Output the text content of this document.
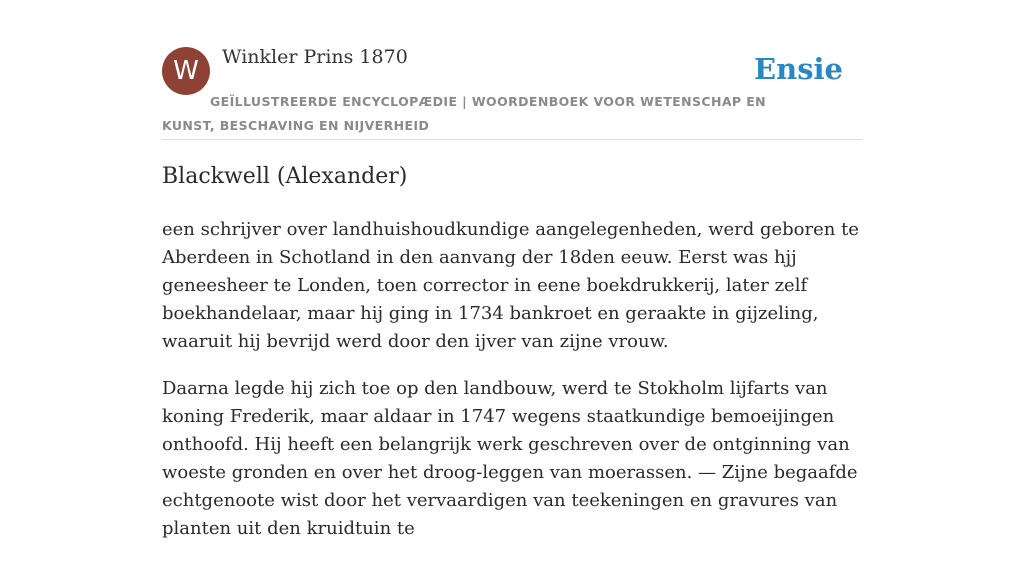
W	Winkler Prins 1870	Ensie
GEÏLLUSTREERDE ENCYCLOPÆDIE | WOORDENBOEK VOOR WETENSCHAP EN KUNST, BESCHAVING EN NIJVERHEID
Blackwell (Alexander)

een schrijver over landhuishoudkundige aangelegenheden, werd geboren te Aberdeen in Schotland in den aanvang der 18den eeuw. Eerst was hjj geneesheer te Londen, toen corrector in eene boekdrukkerij, later zelf boekhandelaar, maar hij ging in 1734 bankroet en geraakte in gijzeling, waaruit hij bevrijd werd door den ijver van zijne vrouw.

Daarna legde hij zich toe op den landbouw, werd te Stokholm lijfarts van koning Frederik, maar aldaar in 1747 wegens staatkundige bemoeijingen onthoofd. Hij heeft een belangrijk werk geschreven over de ontginning van woeste gronden en over het droog-leggen van moerassen. — Zijne begaafde echtgenoote wist door het vervaardigen van teekeningen en gravures van planten uit den kruidtuin te
